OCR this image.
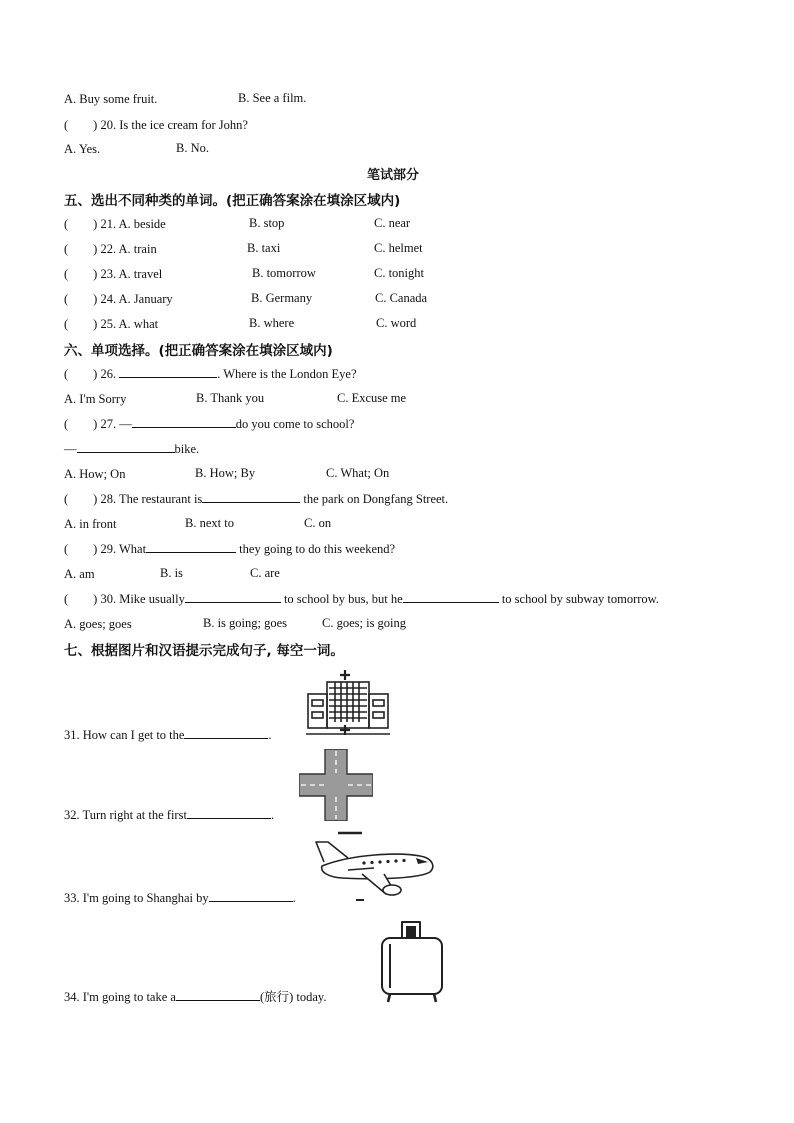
A. Buy some fruit.	B. See a film.
(　　) 20. Is the ice cream for John?
A. Yes.	B. No.
笔试部分
五、选出不同种类的单词。(把正确答案涂在填涂区域内)
(　　) 21. A. beside	B. stop	C. near
(　　) 22. A. train	B. taxi	C. helmet
(　　) 23. A. travel	B. tomorrow	C. tonight
(　　) 24. A. January	B. Germany	C. Canada
(　　) 25. A. what	B. where	C. word
六、单项选择。(把正确答案涂在填涂区域内)
(　　) 26.	. Where is the London Eye?
A. I'm Sorry	B. Thank you	C. Excuse me
(　　) 27. —	do you come to school?
—	bike.
A. How; On	B. How; By	C. What; On
(　　) 28. The restaurant is	the park on Dongfang Street.
A. in front	B. next to	C. on
(　　) 29. What	they going to do this weekend?
A. am	B. is	C. are
(　　) 30. Mike usually	to school by bus, but he	to school by subway tomorrow.
A. goes; goes	B. is going; goes	C. goes; is going
七、根据图片和汉语提示完成句子, 每空一词。
31. How can I get to the	.
32. Turn right at the first	.
33. I'm going to Shanghai by	.
34. I'm going to take a	(旅行) today.
